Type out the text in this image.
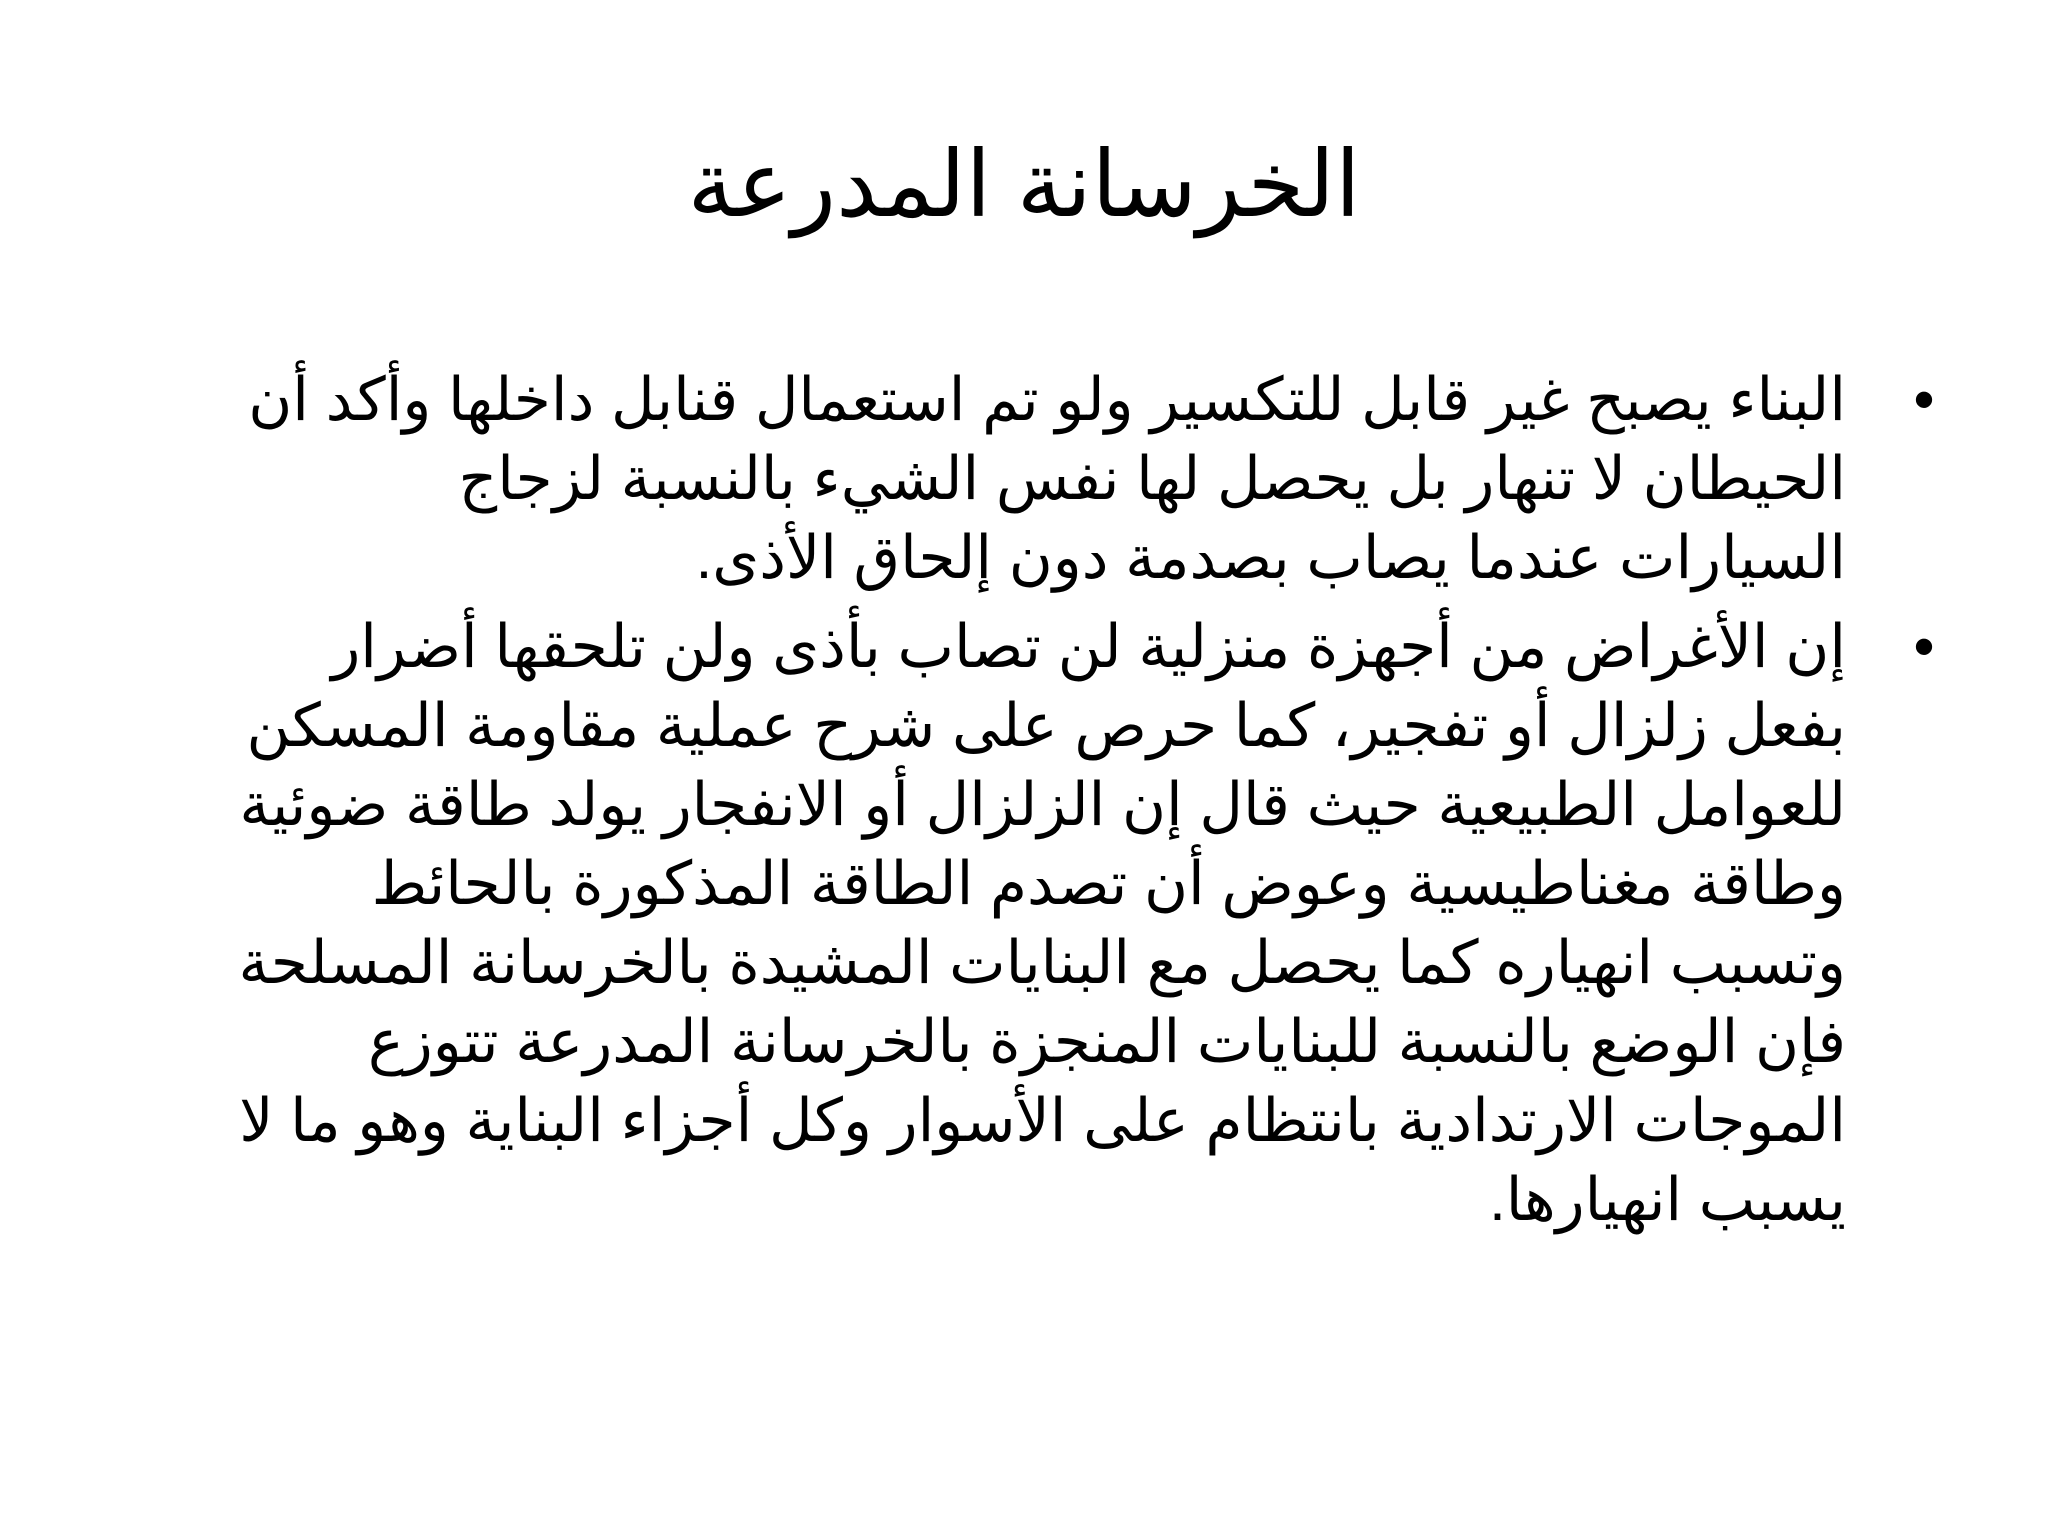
الخرسانة المدرعة
•
البناء يصبح غير قابل للتكسير ولو تم استعمال قنابل داخلها وأكد أن الحيطان لا تنهار بل يحصل لها نفس الشيء بالنسبة لزجاج السيارات عندما يصاب بصدمة دون إلحاق الأذى.
•
إن الأغراض من أجهزة منزلية لن تصاب بأذى ولن تلحقها أضرار بفعل زلزال أو تفجير، كما حرص على شرح عملية مقاومة المسكن للعوامل الطبيعية حيث قال إن الزلزال أو الانفجار يولد طاقة ضوئية وطاقة مغناطيسية وعوض أن تصدم الطاقة المذكورة بالحائط وتسبب انهياره كما يحصل مع البنايات المشيدة بالخرسانة المسلحة فإن الوضع بالنسبة للبنايات المنجزة بالخرسانة المدرعة تتوزع الموجات الارتدادية بانتظام على الأسوار وكل أجزاء البناية وهو ما لا يسبب انهيارها.
